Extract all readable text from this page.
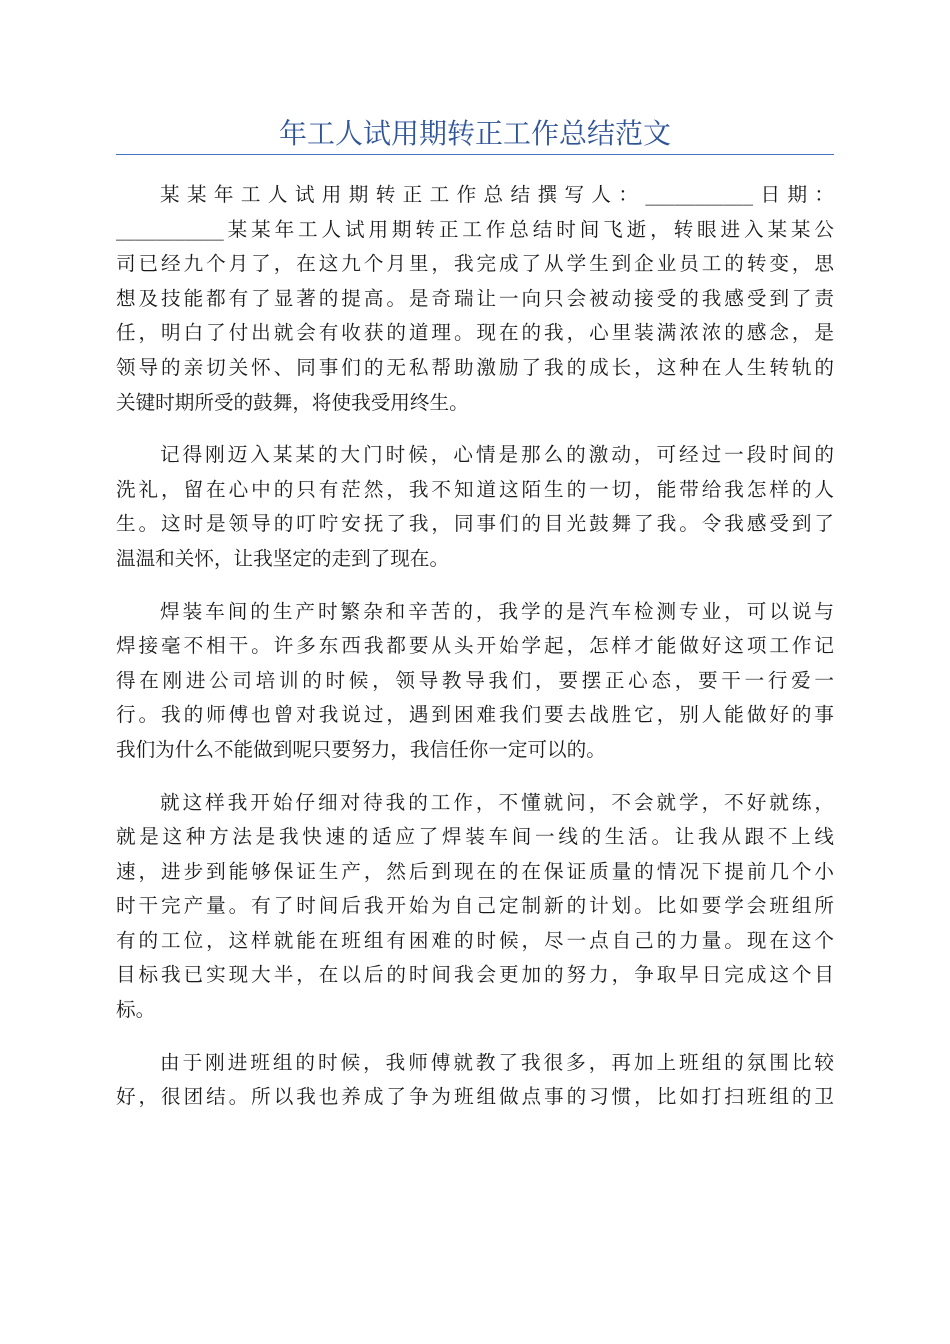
年工人试用期转正工作总结范文
某某年工人试用期转正工作总结撰写人：___________日期：
___________某某年工人试用期转正工作总结时间飞逝，转眼进入某某公
司已经九个月了，在这九个月里，我完成了从学生到企业员工的转变，思
想及技能都有了显著的提高。是奇瑞让一向只会被动接受的我感受到了责
任，明白了付出就会有收获的道理。现在的我，心里装满浓浓的感念，是
领导的亲切关怀、同事们的无私帮助激励了我的成长，这种在人生转轨的
关键时期所受的鼓舞，将使我受用终生。
记得刚迈入某某的大门时候，心情是那么的激动，可经过一段时间的
洗礼，留在心中的只有茫然，我不知道这陌生的一切，能带给我怎样的人
生。这时是领导的叮咛安抚了我，同事们的目光鼓舞了我。令我感受到了
温温和关怀，让我坚定的走到了现在。
焊装车间的生产时繁杂和辛苦的，我学的是汽车检测专业，可以说与
焊接毫不相干。许多东西我都要从头开始学起，怎样才能做好这项工作记
得在刚进公司培训的时候，领导教导我们，要摆正心态，要干一行爱一
行。我的师傅也曾对我说过，遇到困难我们要去战胜它，别人能做好的事
我们为什么不能做到呢只要努力，我信任你一定可以的。
就这样我开始仔细对待我的工作，不懂就问，不会就学，不好就练，
就是这种方法是我快速的适应了焊装车间一线的生活。让我从跟不上线
速，进步到能够保证生产，然后到现在的在保证质量的情况下提前几个小
时干完产量。有了时间后我开始为自己定制新的计划。比如要学会班组所
有的工位，这样就能在班组有困难的时候，尽一点自己的力量。现在这个
目标我已实现大半，在以后的时间我会更加的努力，争取早日完成这个目
标。
由于刚进班组的时候，我师傅就教了我很多，再加上班组的氛围比较
好，很团结。所以我也养成了争为班组做点事的习惯，比如打扫班组的卫
